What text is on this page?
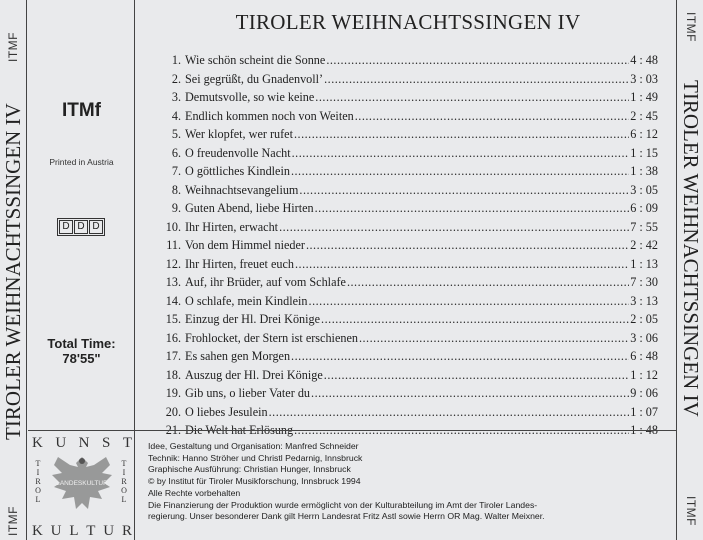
ITMF
TIROLER WEIHNACHTSSINGEN IV
ITMF
ITMF
TIROLER WEIHNACHTSSINGEN IV
ITMF
ITMf
Printed in Austria
D D D
Total Time:
78'55"
TIROLER WEIHNACHTSSINGEN IV
1. Wie schön scheint die Sonne .....	4 : 48
2. Sei gegrüßt, du Gnadenvoll’ .....	3 : 03
3. Demutsvolle, so wie keine .....	1 : 49
4. Endlich kommen noch von Weiten .....	2 : 45
5. Wer klopfet, wer rufet .....	6 : 12
6. O freudenvolle Nacht .....	1 : 15
7. O göttliches Kindlein .....	1 : 38
8. Weihnachtsevangelium .....	3 : 05
9. Guten Abend, liebe Hirten .....	6 : 09
10. Ihr Hirten, erwacht .....	7 : 55
11. Von dem Himmel nieder .....	2 : 42
12. Ihr Hirten, freuet euch .....	1 : 13
13. Auf, ihr Brüder, auf vom Schlafe .....	7 : 30
14. O schlafe, mein Kindlein .....	3 : 13
15. Einzug der Hl. Drei Könige .....	2 : 05
16. Frohlocket, der Stern ist erschienen .....	3 : 06
17. Es sahen gen Morgen .....	6 : 48
18. Auszug der Hl. Drei Könige .....	1 : 12
19. Gib uns, o lieber Vater du .....	9 : 06
20. O liebes Jesulein .....	1 : 07
21. Die Welt hat Erlösung .....	1 : 48
K U N S T
T
I
R
O
L
T
I
R
O
L
LANDESKULTUR
K U L T U R

Idee, Gestaltung und Organisation: Manfred Schneider

Technik: Hanno Ströher und Christl Pedarnig, Innsbruck

Graphische Ausführung: Christian Hunger, Innsbruck

© by Institut für Tiroler Musikforschung, Innsbruck 1994

Alle Rechte vorbehalten

Die Finanzierung der Produktion wurde ermöglicht von der Kulturabteilung im Amt der Tiroler Landes-

regierung. Unser besonderer Dank gilt Herrn Landesrat Fritz Astl sowie Herrn OR Mag. Walter Meixner.
